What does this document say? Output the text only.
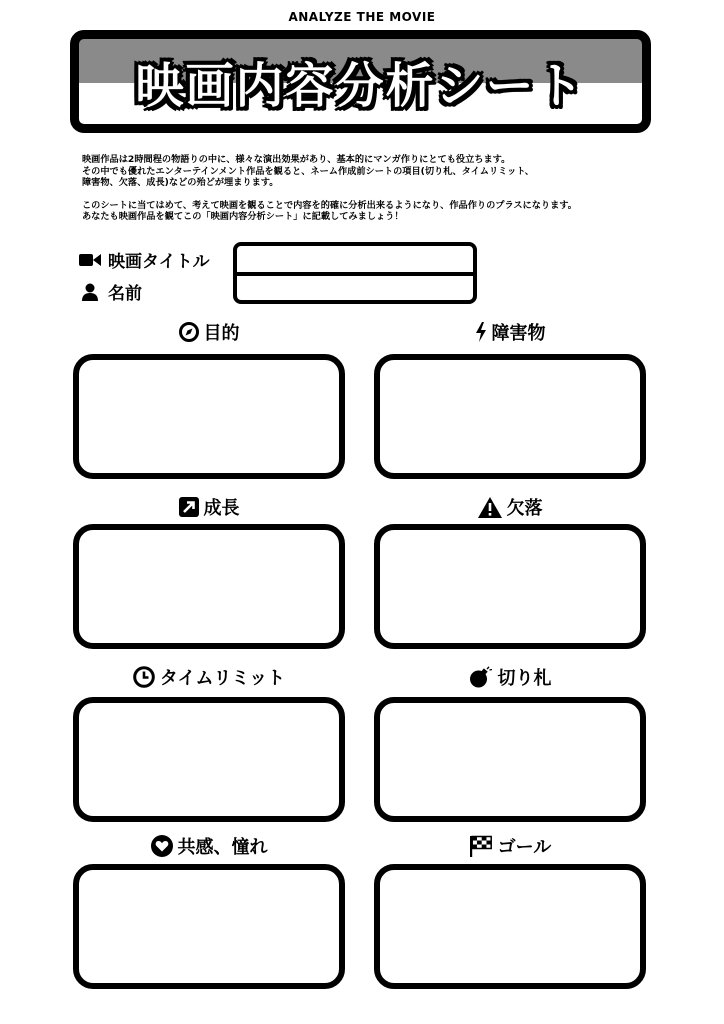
ANALYZE THE MOVIE
映画内容分析シート

映画作品は2時間程の物語りの中に、様々な演出効果があり、基本的にマンガ作りにとても役立ちます。
その中でも優れたエンターテインメント作品を観ると、ネーム作成前シートの項目(切り札、タイムリミット、
障害物、欠落、成長)などの殆どが埋まります。

このシートに当てはめて、考えて映画を観ることで内容を的確に分析出来るようになり、作品作りのプラスになります。
あなたも映画作品を観てこの「映画内容分析シート」に記載してみましょう！

映画タイトル
名前
目的	障害物
成長	欠落
タイムリミット	切り札
共感、憧れ	ゴール
